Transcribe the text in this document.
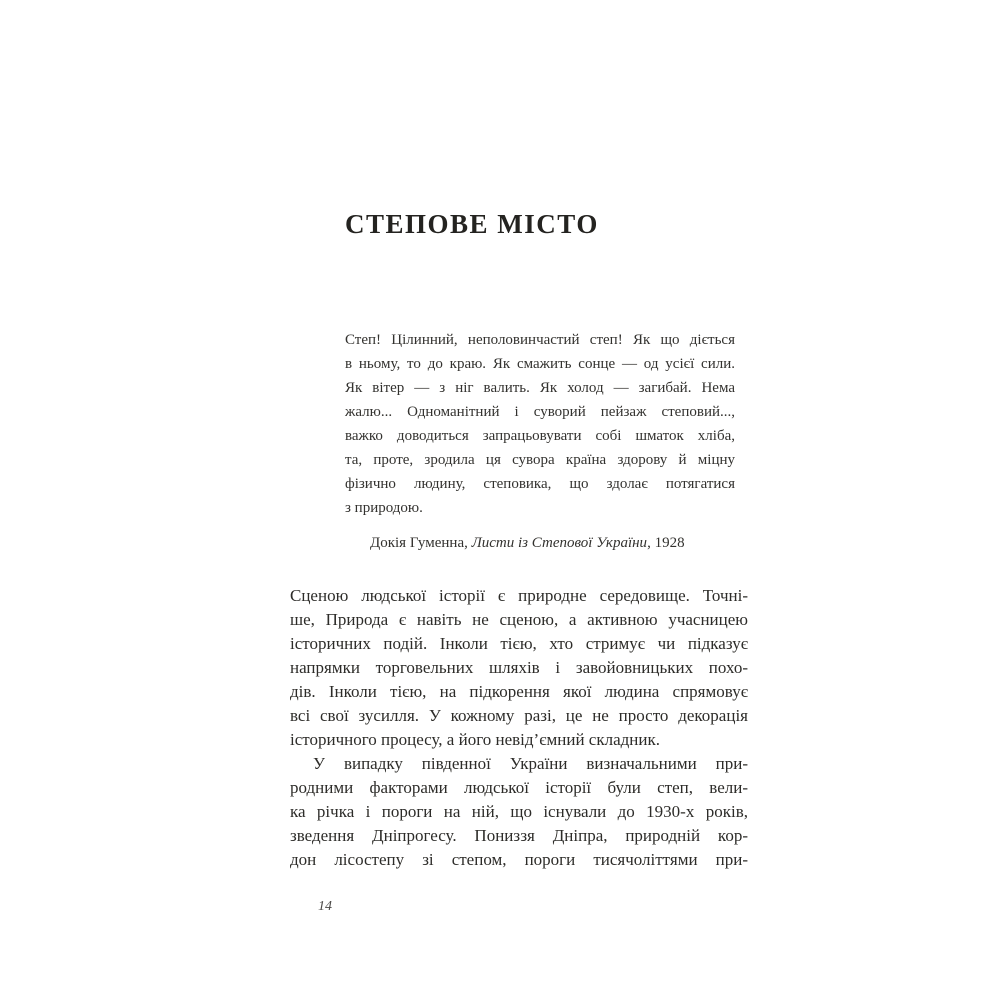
СТЕПОВЕ МІСТО
Степ! Цілинний, неполовинчастий степ! Як що діється
в ньому, то до краю. Як смажить сонце — од усієї сили.
Як вітер — з ніг валить. Як холод — загибай. Нема
жалю... Одноманітний і суворий пейзаж степовий...,
важко доводиться запрацьовувати собі шматок хліба,
та, проте, зродила ця сувора країна здорову й міцну
фізично людину, степовика, що здолає потягатися
з природою.
Докія Гуменна, Листи із Степової України, 1928
Сценою людської історії є природне середовище. Точні-
ше, Природа є навіть не сценою, а активною учасницею
історичних подій. Інколи тією, хто стримує чи підказує
напрямки торговельних шляхів і завойовницьких похо-
дів. Інколи тією, на підкорення якої людина спрямовує
всі свої зусилля. У кожному разі, це не просто декорація
історичного процесу, а його невід’ємний складник.
У випадку південної України визначальними при-
родними факторами людської історії були степ, вели-
ка річка і пороги на ній, що існували до 1930-х років,
зведення Дніпрогесу. Пониззя Дніпра, природній кор-
дон лісостепу зі степом, пороги тисячоліттями при-
14
